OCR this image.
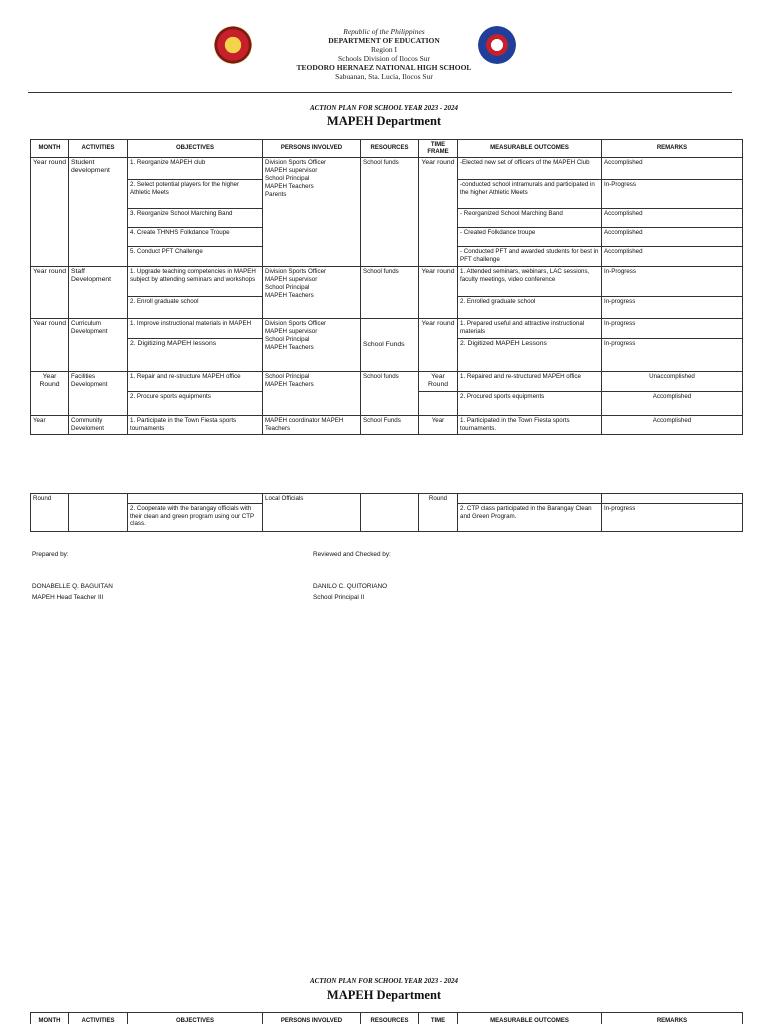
Republic of the Philippines
DEPARTMENT OF EDUCATION
Region I
Schools Division of Ilocos Sur
TEODORO HERNAEZ NATIONAL HIGH SCHOOL
Sabuanan, Sta. Lucia, Ilocos Sur
ACTION PLAN FOR SCHOOL YEAR 2023 - 2024
MAPEH Department
MONTH	ACTIVITIES	OBJECTIVES	PERSONS INVOLVED	RESOURCES	TIME FRAME	MEASURABLE OUTCOMES	REMARKS
Year round	Student development	1. Reorganize MAPEH club	Division Sports Officer
MAPEH supervisor
School Principal
MAPEH Teachers
Parents	School funds	Year round	-Elected new set of officers of the MAPEH Club	Accomplished
		2. Select potential players for the higher Athletic Meets				-conducted school intramurals and participated in the higher Athletic Meets	In-Progress
		3. Reorganize School Marching Band				- Reorganized School Marching Band	Accomplished
		4. Create THNHS Folkdance Troupe				- Created Folkdance troupe	Accomplished
		5. Conduct PFT Challenge				- Conducted PFT and awarded students for best in PFT challenge	Accomplished
Year round	Staff Development	1. Upgrade teaching competencies in MAPEH subject by attending seminars and workshops	Division Sports Officer
MAPEH supervisor
School Principal
MAPEH Teachers	School funds	Year round	1. Attended seminars, webinars, LAC sessions, faculty meetings, video conference	In-Progress
		2. Enroll graduate school				2. Enrolled graduate school	In-progress
Year round	Curriculum Development	1. Improve instructional materials in MAPEH	Division Sports Officer
MAPEH supervisor
School Principal
MAPEH Teachers	School Funds	Year round	1. Prepared useful and attractive instructional materials	In-progress
		2. Digitizing MAPEH lessons				2. Digitized MAPEH Lessons	In-progress
Year Round	Facilities Development	1. Repair and re-structure MAPEH office	School Principal
MAPEH Teachers	School funds	Year Round	1. Repaired and re-structured MAPEH office	Unaccomplished
		2. Procure sports equipments				2. Procured sports equipments	Accomplished
Year	Community Develoment	1. Participate in the Town Fiesta sports tournaments	MAPEH coordinator MAPEH Teachers	School Funds	Year	1. Participated in the Town Fiesta sports tournaments.	Accomplished
Round			Local Officials		Round		
		2. Cooperate with the barangay officials with their clean and green program using our CTP class.				2. CTP class participated in the Barangay Clean and Green Program.	In-progress
Prepared by:	Reviewed and Checked by:
DONABELLE Q. BAGUITAN
MAPEH Head Teacher III
DANILO C. QUITORIANO
School Principal II
ACTION PLAN FOR SCHOOL YEAR 2023 - 2024
MAPEH Department
MONTH	ACTIVITIES	OBJECTIVES	PERSONS INVOLVED	RESOURCES	TIME	MEASURABLE OUTCOMES	REMARKS
